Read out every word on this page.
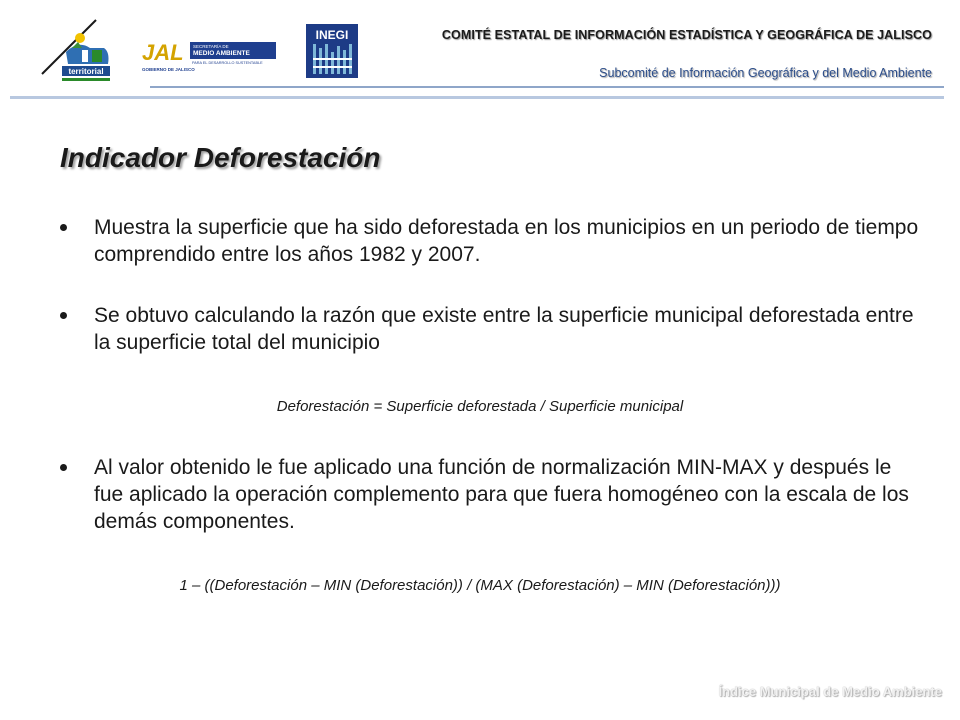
territorial
JAL SECRETARÍA DE
MEDIO AMBIENTE
PARA EL DESARROLLO SUSTENTABLE
GOBIERNO DE JALISCO
INEGI	COMITÉ ESTATAL DE INFORMACIÓN ESTADÍSTICA Y GEOGRÁFICA DE JALISCO
Subcomité de Información Geográfica y del Medio Ambiente
Indicador Deforestación
Muestra la superficie que ha sido deforestada en los municipios en un periodo de tiempo comprendido entre los años 1982 y 2007.
Se obtuvo calculando la razón que existe entre la superficie municipal deforestada entre la superficie total del municipio
Deforestación = Superficie deforestada / Superficie municipal
Al valor obtenido le fue aplicado una función de normalización MIN-MAX y después le fue aplicado la operación complemento para que fuera homogéneo con la escala de los demás componentes.
1 – ((Deforestación – MIN (Deforestación)) / (MAX (Deforestación) – MIN (Deforestación)))
Índice Municipal de Medio Ambiente
